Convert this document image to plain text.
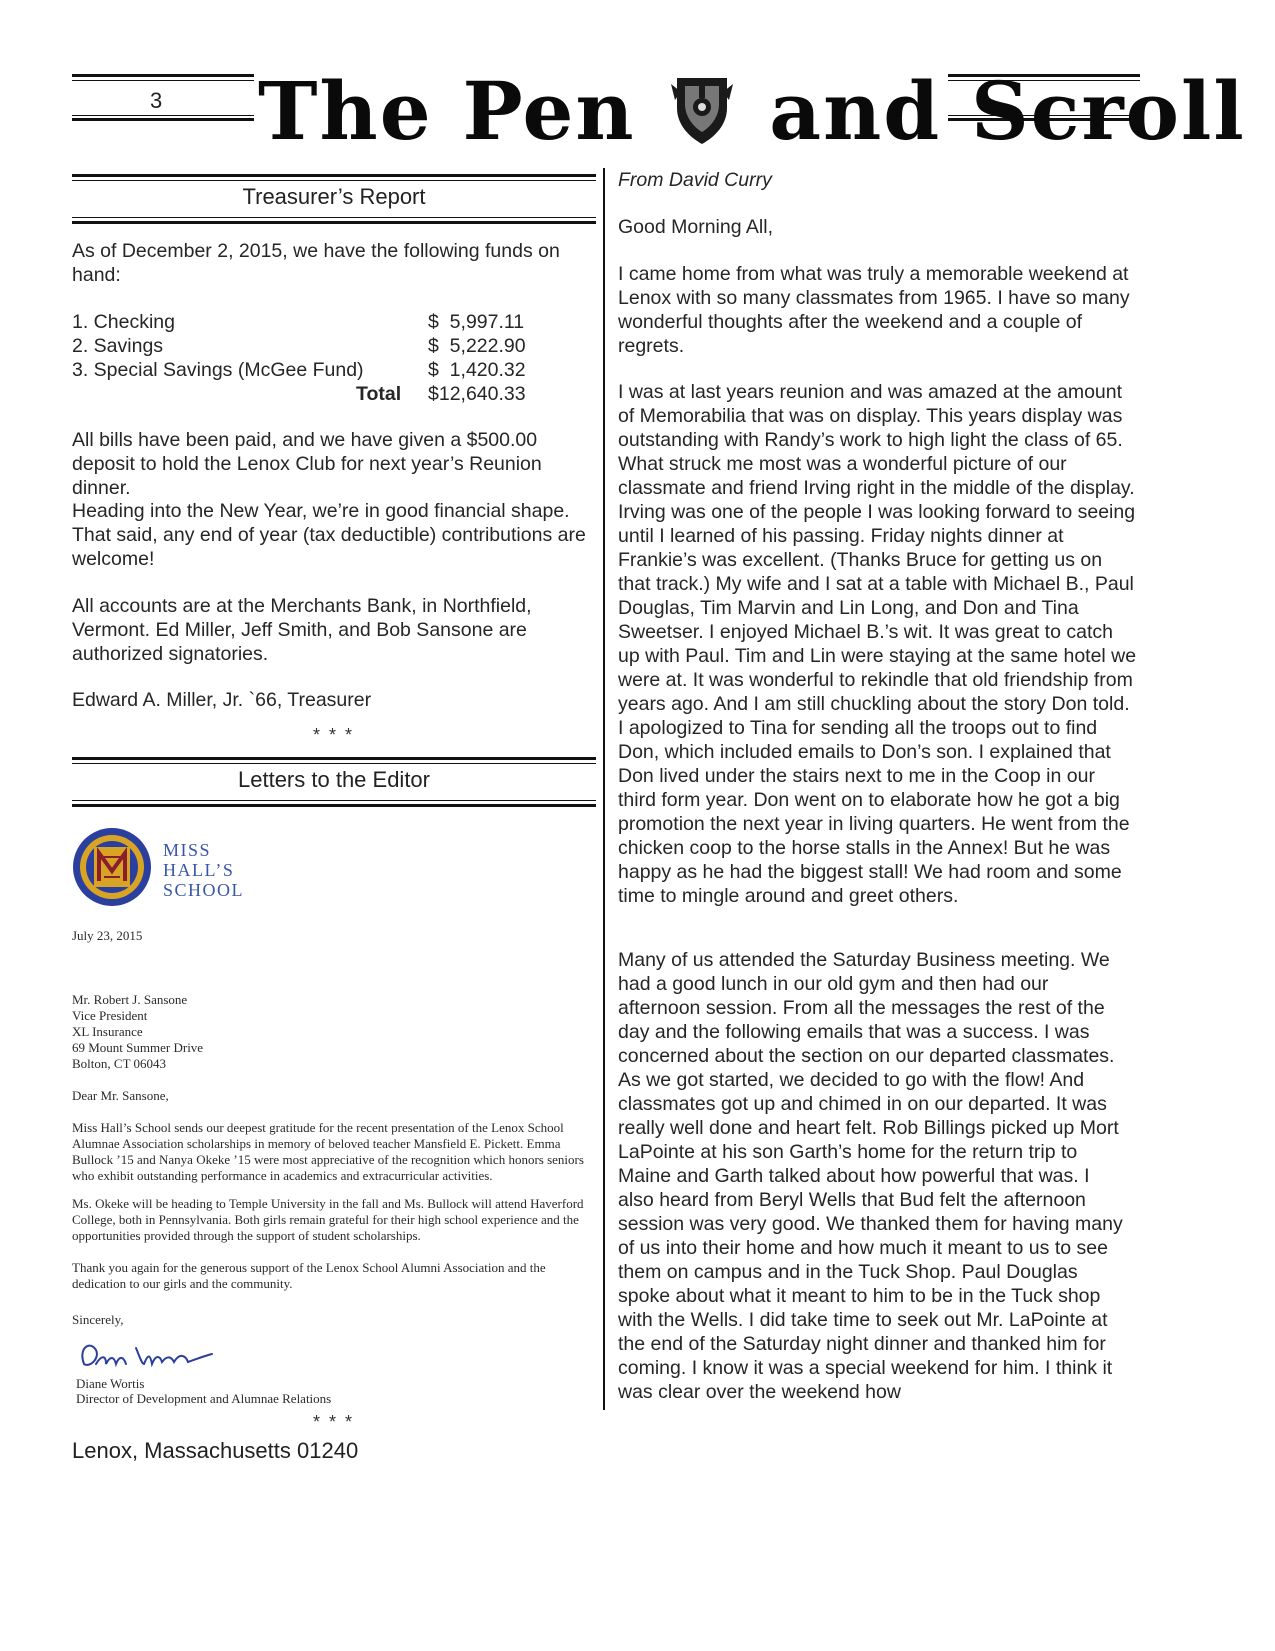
3 The Pen and Scroll
Treasurer’s Report
As of December 2, 2015, we have the following funds on hand:
1. Checking	$  5,997.11
2. Savings	$  5,222.90
3. Special Savings (McGee Fund)	$  1,420.32
Total $12,640.33
All bills have been paid, and we have given a $500.00 deposit to hold the Lenox Club for next year’s Reunion dinner.
Heading into the New Year, we’re in good financial shape. That said, any end of year (tax deductible) contributions are welcome!
All accounts are at the Merchants Bank, in Northfield, Vermont. Ed Miller, Jeff Smith, and Bob Sansone are authorized signatories.
Edward A. Miller, Jr. `66, Treasurer
* * *
Letters to the Editor
MISS
HALL’S
SCHOOL
July 23, 2015
Mr. Robert J. Sansone
Vice President
XL Insurance
69 Mount Summer Drive
Bolton, CT 06043
Dear Mr. Sansone,
Miss Hall’s School sends our deepest gratitude for the recent presentation of the Lenox School Alumnae Association scholarships in memory of beloved teacher Mansfield E. Pickett. Emma Bullock ’15 and Nanya Okeke ’15 were most appreciative of the recognition which honors seniors who exhibit outstanding performance in academics and extracurricular activities.
Ms. Okeke will be heading to Temple University in the fall and Ms. Bullock will attend Haverford College, both in Pennsylvania. Both girls remain grateful for their high school experience and the opportunities provided through the support of student scholarships.
Thank you again for the generous support of the Lenox School Alumni Association and the dedication to our girls and the community.
Sincerely,
Diane Wortis
Director of Development and Alumnae Relations
* * *
Lenox, Massachusetts 01240
From David Curry
Good Morning All,
I came home from what was truly a memorable weekend at Lenox with so many classmates from 1965. I have so many wonderful thoughts after the weekend and a couple of regrets.
I was at last years reunion and was amazed at the amount of Memorabilia that was on display. This years display was outstanding with Randy’s work to high light the class of 65. What struck me most was a wonderful picture of our classmate and friend Irving right in the middle of the display. Irving was one of the people I was looking forward to seeing until I learned of his passing. Friday nights dinner at Frankie’s was excellent. (Thanks Bruce for getting us on that track.) My wife and I sat at a table with Michael B., Paul Douglas, Tim Marvin and Lin Long, and Don and Tina Sweetser. I enjoyed Michael B.’s wit. It was great to catch up with Paul. Tim and Lin were staying at the same hotel we were at. It was wonderful to rekindle that old friendship from years ago. And I am still chuckling about the story Don told. I apologized to Tina for sending all the troops out to find Don, which included emails to Don’s son. I explained that Don lived under the stairs next to me in the Coop in our third form year. Don went on to elaborate how he got a big promotion the next year in living quarters. He went from the chicken coop to the horse stalls in the Annex! But he was happy as he had the biggest stall! We had room and some time to mingle around and greet others.
Many of us attended the Saturday Business meeting. We had a good lunch in our old gym and then had our afternoon session. From all the messages the rest of the day and the following emails that was a success. I was concerned about the section on our departed classmates. As we got started, we decided to go with the flow! And classmates got up and chimed in on our departed. It was really well done and heart felt. Rob Billings picked up Mort LaPointe at his son Garth’s home for the return trip to Maine and Garth talked about how powerful that was. I also heard from Beryl Wells that Bud felt the afternoon session was very good. We thanked them for having many of us into their home and how much it meant to us to see them on campus and in the Tuck Shop. Paul Douglas spoke about what it meant to him to be in the Tuck shop with the Wells. I did take time to seek out Mr. LaPointe at the end of the Saturday night dinner and thanked him for coming. I know it was a special weekend for him. I think it was clear over the weekend how
